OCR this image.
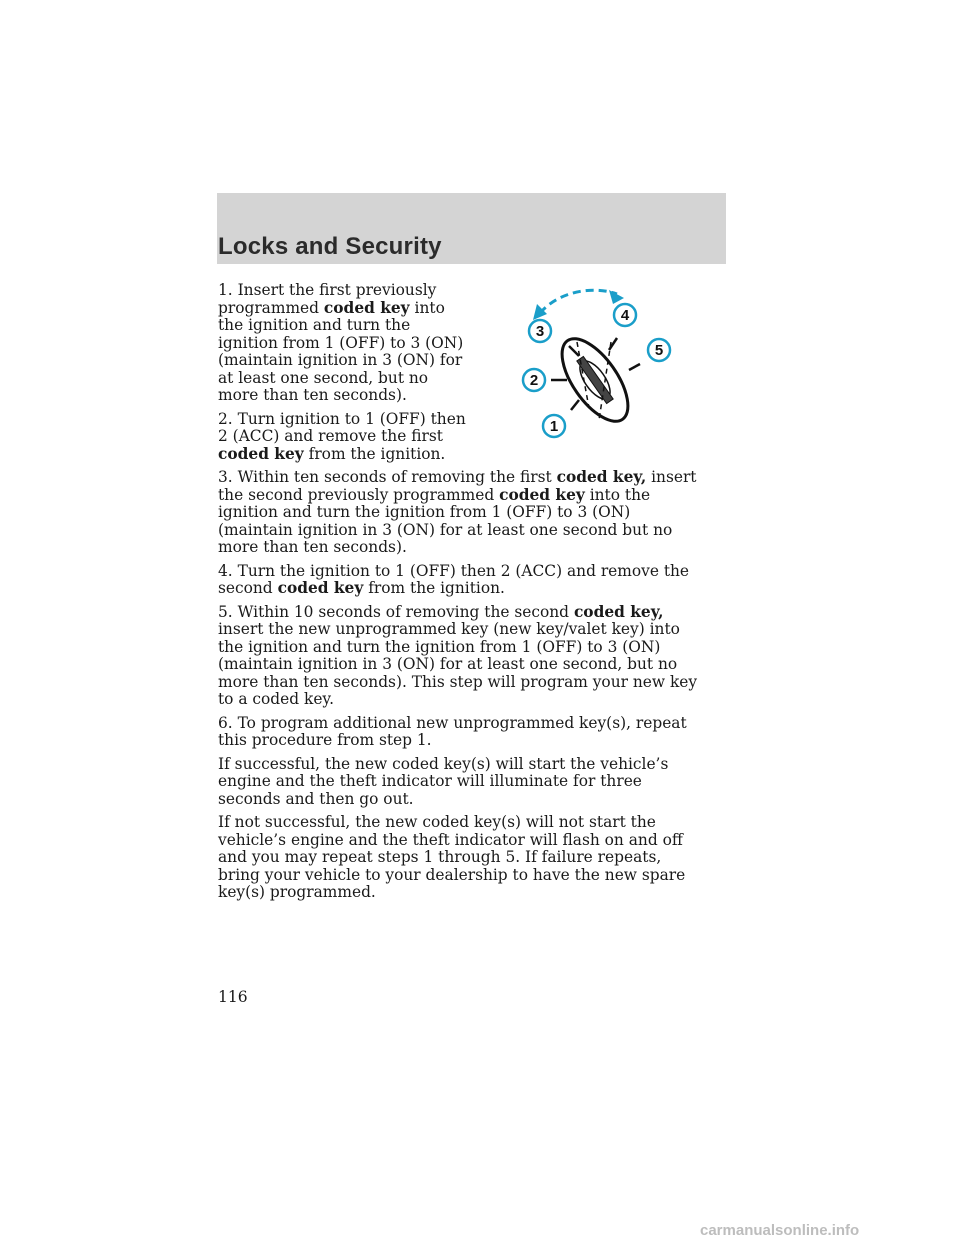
Locks and Security

1. Insert the first previously programmed coded key into the ignition and turn the ignition from 1 (OFF) to 3 (ON) (maintain ignition in 3 (ON) for at least one second, but no more than ten seconds).

2. Turn ignition to 1 (OFF) then 2 (ACC) and remove the first coded key from the ignition.

3. Within ten seconds of removing the first coded key, insert the second previously programmed coded key into the ignition and turn the ignition from 1 (OFF) to 3 (ON) (maintain ignition in 3 (ON) for at least one second but no more than ten seconds).

4. Turn the ignition to 1 (OFF) then 2 (ACC) and remove the second coded key from the ignition.

5. Within 10 seconds of removing the second coded key, insert the new unprogrammed key (new key/valet key) into the ignition and turn the ignition from 1 (OFF) to 3 (ON) (maintain ignition in 3 (ON) for at least one second, but no more than ten seconds). This step will program your new key to a coded key.

6. To program additional new unprogrammed key(s), repeat this procedure from step 1.

If successful, the new coded key(s) will start the vehicle’s engine and the theft indicator will illuminate for three seconds and then go out.

If not successful, the new coded key(s) will not start the vehicle’s engine and the theft indicator will flash on and off and you may repeat steps 1 through 5. If failure repeats, bring your vehicle to your dealership to have the new spare key(s) programmed.

4
3
5
2
1
116
carmanualsonline.info
